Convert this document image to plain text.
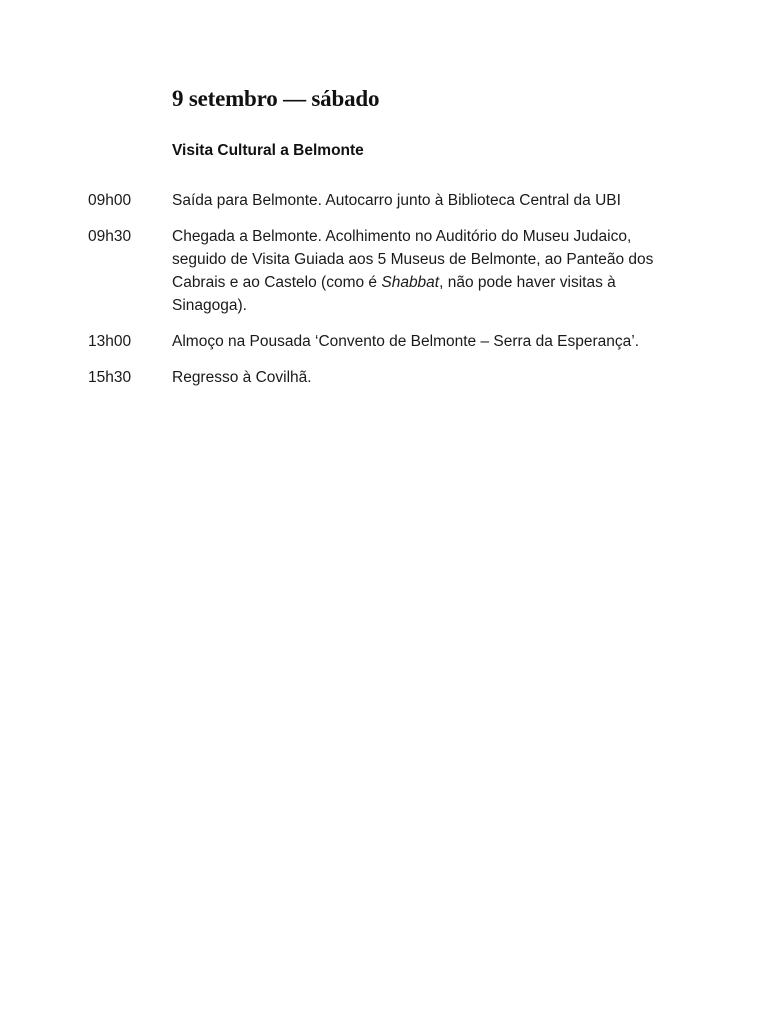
9 setembro — sábado
Visita Cultural a Belmonte
09h00	Saída para Belmonte. Autocarro junto à Biblioteca Central da UBI
09h30	Chegada a Belmonte. Acolhimento no Auditório do Museu Judaico, seguido de Visita Guiada aos 5 Museus de Belmonte, ao Panteão dos Cabrais e ao Castelo (como é Shabbat, não pode haver visitas à Sinagoga).
13h00	Almoço na Pousada ‘Convento de Belmonte – Serra da Esperança’.
15h30	Regresso à Covilhã.
